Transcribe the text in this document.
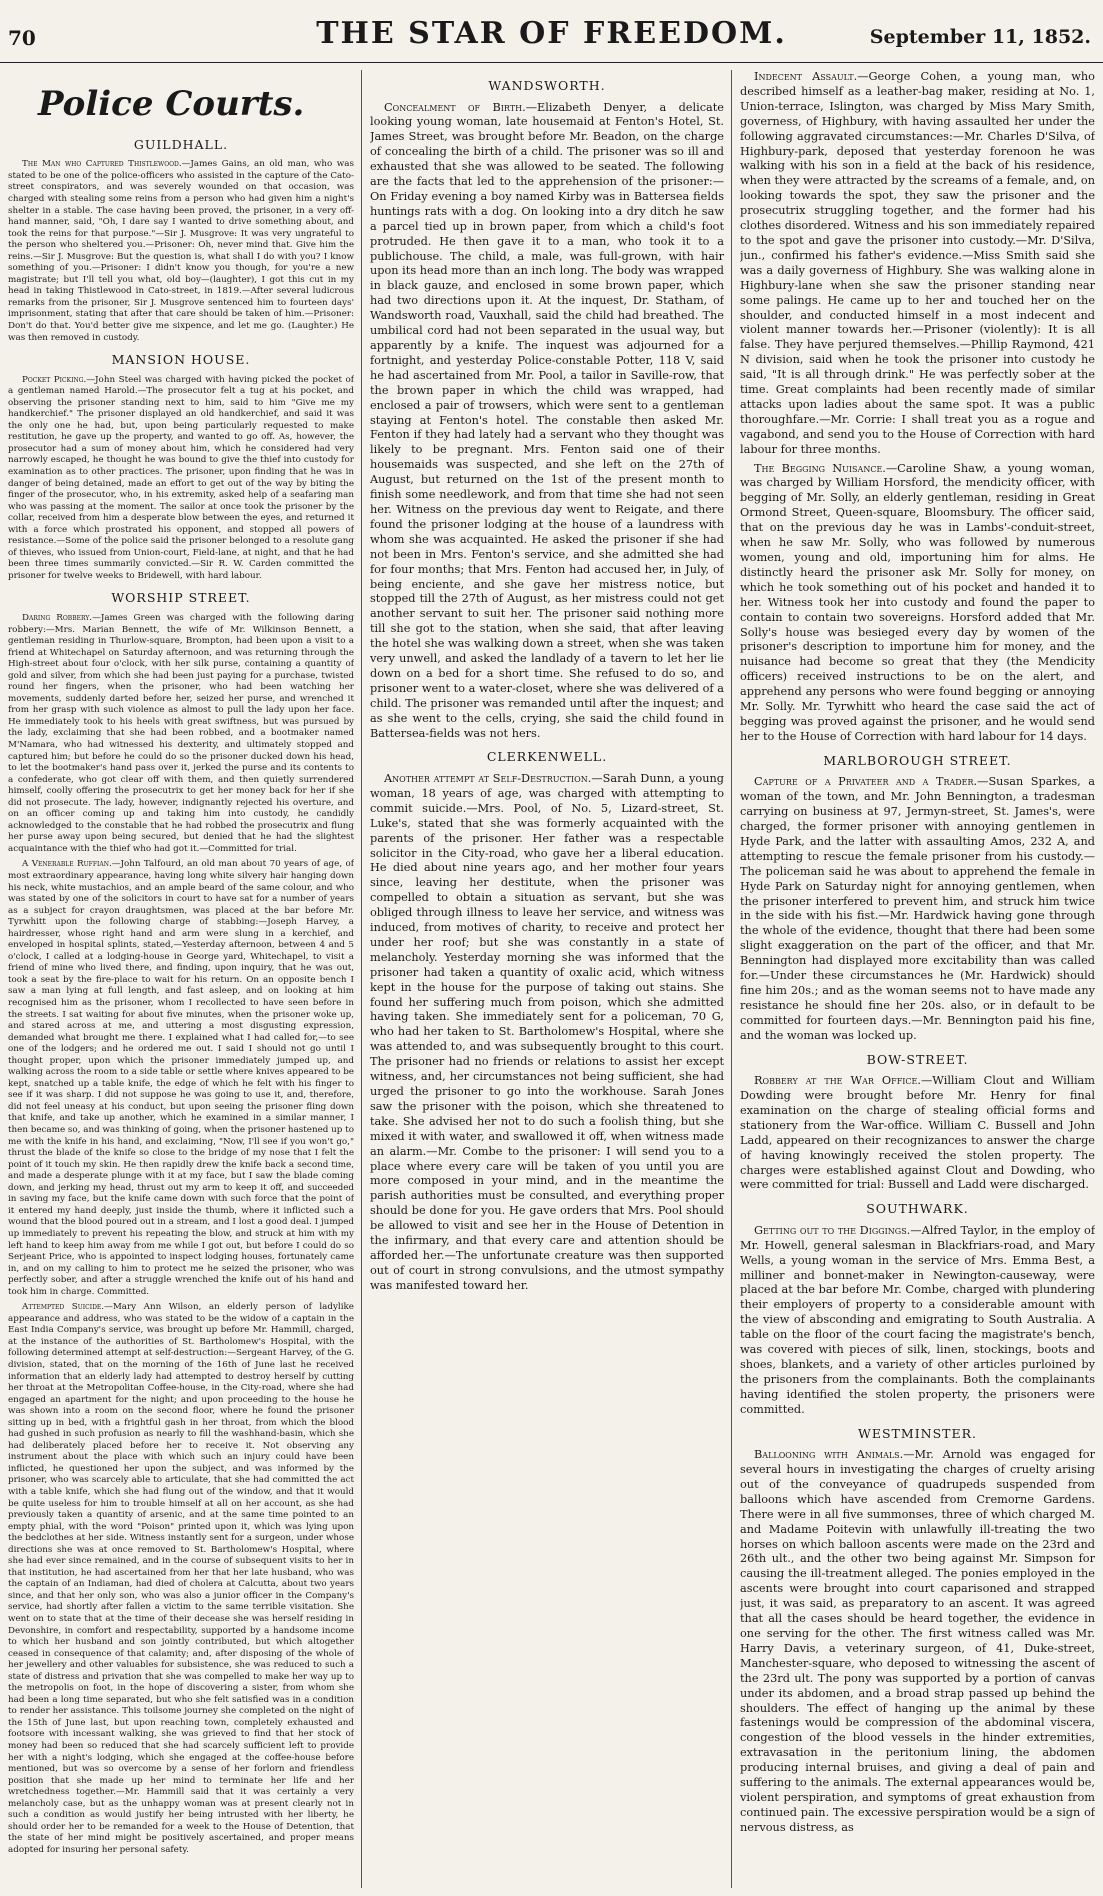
70	THE STAR OF FREEDOM.	September 11, 1852.
Police Courts.
GUILDHALL.

The Man who Captured Thistlewood.—James Gains, an old man, who was stated to be one of the police-officers who assisted in the capture of the Cato-street conspirators, and was severely wounded on that occasion, was charged with stealing some reins from a person who had given him a night's shelter in a stable. The case having been proved, the prisoner, in a very off-hand manner, said, "Oh, I dare say I wanted to drive something about, and took the reins for that purpose."—Sir J. Musgrove: It was very ungrateful to the person who sheltered you.—Prisoner: Oh, never mind that. Give him the reins.—Sir J. Musgrove: But the question is, what shall I do with you? I know something of you.—Prisoner: I didn't know you though, for you're a new magistrate; but I'll tell you what, old boy—(laughter), I got this cut in my head in taking Thistlewood in Cato-street, in 1819.—After several ludicrous remarks from the prisoner, Sir J. Musgrove sentenced him to fourteen days' imprisonment, stating that after that care should be taken of him.—Prisoner: Don't do that. You'd better give me sixpence, and let me go. (Laughter.) He was then removed in custody.

MANSION HOUSE.

Pocket Picking.—John Steel was charged with having picked the pocket of a gentleman named Harold.—The prosecutor felt a tug at his pocket, and observing the prisoner standing next to him, said to him "Give me my handkerchief." The prisoner displayed an old handkerchief, and said it was the only one he had, but, upon being particularly requested to make restitution, he gave up the property, and wanted to go off. As, however, the prosecutor had a sum of money about him, which he considered had very narrowly escaped, he thought he was bound to give the thief into custody for examination as to other practices. The prisoner, upon finding that he was in danger of being detained, made an effort to get out of the way by biting the finger of the prosecutor, who, in his extremity, asked help of a seafaring man who was passing at the moment. The sailor at once took the prisoner by the collar, received from him a desperate blow between the eyes, and returned it with a force which prostrated his opponent, and stopped all powers of resistance.—Some of the police said the prisoner belonged to a resolute gang of thieves, who issued from Union-court, Field-lane, at night, and that he had been three times summarily convicted.—Sir R. W. Carden committed the prisoner for twelve weeks to Bridewell, with hard labour.

WORSHIP STREET.

Daring Robbery.—James Green was charged with the following daring robbery:—Mrs. Marian Bennett, the wife of Mr. Wilkinson Bennett, a gentleman residing in Thurlow-square, Brompton, had been upon a visit to a friend at Whitechapel on Saturday afternoon, and was returning through the High-street about four o'clock, with her silk purse, containing a quantity of gold and silver, from which she had been just paying for a purchase, twisted round her fingers, when the prisoner, who had been watching her movements, suddenly darted before her, seized her purse, and wrenched it from her grasp with such violence as almost to pull the lady upon her face. He immediately took to his heels with great swiftness, but was pursued by the lady, exclaiming that she had been robbed, and a bootmaker named M'Namara, who had witnessed his dexterity, and ultimately stopped and captured him; but before he could do so the prisoner ducked down his head, to let the bootmaker's hand pass over it, jerked the purse and its contents to a confederate, who got clear off with them, and then quietly surrendered himself, coolly offering the prosecutrix to get her money back for her if she did not prosecute. The lady, however, indignantly rejected his overture, and on an officer coming up and taking him into custody, he candidly acknowledged to the constable that he had robbed the prosecutrix and flung her purse away upon being secured, but denied that he had the slightest acquaintance with the thief who had got it.—Committed for trial.

A Venerable Ruffian.—John Talfourd, an old man about 70 years of age, of most extraordinary appearance, having long white silvery hair hanging down his neck, white mustachios, and an ample beard of the same colour, and who was stated by one of the solicitors in court to have sat for a number of years as a subject for crayon draughtsmen, was placed at the bar before Mr. Tyrwhitt upon the following charge of stabbing:—Joseph Harvey, a hairdresser, whose right hand and arm were slung in a kerchief, and enveloped in hospital splints, stated,—Yesterday afternoon, between 4 and 5 o'clock, I called at a lodging-house in George yard, Whitechapel, to visit a friend of mine who lived there, and finding, upon inquiry, that he was out, took a seat by the fire-place to wait for his return. On an opposite bench I saw a man lying at full length, and fast asleep, and on looking at him recognised him as the prisoner, whom I recollected to have seen before in the streets. I sat waiting for about five minutes, when the prisoner woke up, and stared across at me, and uttering a most disgusting expression, demanded what brought me there. I explained what I had called for,—to see one of the lodgers; and he ordered me out. I said I should not go until I thought proper, upon which the prisoner immediately jumped up, and walking across the room to a side table or settle where knives appeared to be kept, snatched up a table knife, the edge of which he felt with his finger to see if it was sharp. I did not suppose he was going to use it, and, therefore, did not feel uneasy at his conduct, but upon seeing the prisoner fling down that knife, and take up another, which he examined in a similar manner, I then became so, and was thinking of going, when the prisoner hastened up to me with the knife in his hand, and exclaiming, "Now, I'll see if you won't go," thrust the blade of the knife so close to the bridge of my nose that I felt the point of it touch my skin. He then rapidly drew the knife back a second time, and made a desperate plunge with it at my face, but I saw the blade coming down, and jerking my head, thrust out my arm to keep it off, and succeeded in saving my face, but the knife came down with such force that the point of it entered my hand deeply, just inside the thumb, where it inflicted such a wound that the blood poured out in a stream, and I lost a good deal. I jumped up immediately to prevent his repeating the blow, and struck at him with my left hand to keep him away from me while I got out, but before I could do so Serjeant Price, who is appointed to inspect lodging houses, fortunately came in, and on my calling to him to protect me he seized the prisoner, who was perfectly sober, and after a struggle wrenched the knife out of his hand and took him in charge. Committed.

Attempted Suicide.—Mary Ann Wilson, an elderly person of ladylike appearance and address, who was stated to be the widow of a captain in the East India Company's service, was brought up before Mr. Hammill, charged, at the instance of the authorities of St. Bartholomew's Hospital, with the following determined attempt at self-destruction:—Sergeant Harvey, of the G. division, stated, that on the morning of the 16th of June last he received information that an elderly lady had attempted to destroy herself by cutting her throat at the Metropolitan Coffee-house, in the City-road, where she had engaged an apartment for the night; and upon proceeding to the house he was shown into a room on the second floor, where he found the prisoner sitting up in bed, with a frightful gash in her throat, from which the blood had gushed in such profusion as nearly to fill the washhand-basin, which she had deliberately placed before her to receive it. Not observing any instrument about the place with which such an injury could have been inflicted, he questioned her upon the subject, and was informed by the prisoner, who was scarcely able to articulate, that she had committed the act with a table knife, which she had flung out of the window, and that it would be quite useless for him to trouble himself at all on her account, as she had previously taken a quantity of arsenic, and at the same time pointed to an empty phial, with the word "Poison" printed upon it, which was lying upon the bedclothes at her side. Witness instantly sent for a surgeon, under whose directions she was at once removed to St. Bartholomew's Hospital, where she had ever since remained, and in the course of subsequent visits to her in that institution, he had ascertained from her that her late husband, who was the captain of an Indiaman, had died of cholera at Calcutta, about two years since, and that her only son, who was also a junior officer in the Company's service, had shortly after fallen a victim to the same terrible visitation. She went on to state that at the time of their decease she was herself residing in Devonshire, in comfort and respectability, supported by a handsome income to which her husband and son jointly contributed, but which altogether ceased in consequence of that calamity; and, after disposing of the whole of her jewellery and other valuables for subsistence, she was reduced to such a state of distress and privation that she was compelled to make her way up to the metropolis on foot, in the hope of discovering a sister, from whom she had been a long time separated, but who she felt satisfied was in a condition to render her assistance. This toilsome journey she completed on the night of the 15th of June last, but upon reaching town, completely exhausted and footsore with incessant walking, she was grieved to find that her stock of money had been so reduced that she had scarcely sufficient left to provide her with a night's lodging, which she engaged at the coffee-house before mentioned, but was so overcome by a sense of her forlorn and friendless position that she made up her mind to terminate her life and her wretchedness together.—Mr. Hammill said that it was certainly a very melancholy case, but as the unhappy woman was at present clearly not in such a condition as would justify her being intrusted with her liberty, he should order her to be remanded for a week to the House of Detention, that the state of her mind might be positively ascertained, and proper means adopted for insuring her personal safety.

WANDSWORTH.

Concealment of Birth.—Elizabeth Denyer, a delicate looking young woman, late housemaid at Fenton's Hotel, St. James Street, was brought before Mr. Beadon, on the charge of concealing the birth of a child. The prisoner was so ill and exhausted that she was allowed to be seated. The following are the facts that led to the apprehension of the prisoner:—On Friday evening a boy named Kirby was in Battersea fields huntings rats with a dog. On looking into a dry ditch he saw a parcel tied up in brown paper, from which a child's foot protruded. He then gave it to a man, who took it to a publichouse. The child, a male, was full-grown, with hair upon its head more than an inch long. The body was wrapped in black gauze, and enclosed in some brown paper, which had two directions upon it. At the inquest, Dr. Statham, of Wandsworth road, Vauxhall, said the child had breathed. The umbilical cord had not been separated in the usual way, but apparently by a knife. The inquest was adjourned for a fortnight, and yesterday Police-constable Potter, 118 V, said he had ascertained from Mr. Pool, a tailor in Saville-row, that the brown paper in which the child was wrapped, had enclosed a pair of trowsers, which were sent to a gentleman staying at Fenton's hotel. The constable then asked Mr. Fenton if they had lately had a servant who they thought was likely to be pregnant. Mrs. Fenton said one of their housemaids was suspected, and she left on the 27th of August, but returned on the 1st of the present month to finish some needlework, and from that time she had not seen her. Witness on the previous day went to Reigate, and there found the prisoner lodging at the house of a laundress with whom she was acquainted. He asked the prisoner if she had not been in Mrs. Fenton's service, and she admitted she had for four months; that Mrs. Fenton had accused her, in July, of being enciente, and she gave her mistress notice, but stopped till the 27th of August, as her mistress could not get another servant to suit her. The prisoner said nothing more till she got to the station, when she said, that after leaving the hotel she was walking down a street, when she was taken very unwell, and asked the landlady of a tavern to let her lie down on a bed for a short time. She refused to do so, and prisoner went to a water-closet, where she was delivered of a child. The prisoner was remanded until after the inquest; and as she went to the cells, crying, she said the child found in Battersea-fields was not hers.

CLERKENWELL.

Another attempt at Self-Destruction.—Sarah Dunn, a young woman, 18 years of age, was charged with attempting to commit suicide.—Mrs. Pool, of No. 5, Lizard-street, St. Luke's, stated that she was formerly acquainted with the parents of the prisoner. Her father was a respectable solicitor in the City-road, who gave her a liberal education. He died about nine years ago, and her mother four years since, leaving her destitute, when the prisoner was compelled to obtain a situation as servant, but she was obliged through illness to leave her service, and witness was induced, from motives of charity, to receive and protect her under her roof; but she was constantly in a state of melancholy. Yesterday morning she was informed that the prisoner had taken a quantity of oxalic acid, which witness kept in the house for the purpose of taking out stains. She found her suffering much from poison, which she admitted having taken. She immediately sent for a policeman, 70 G, who had her taken to St. Bartholomew's Hospital, where she was attended to, and was subsequently brought to this court. The prisoner had no friends or relations to assist her except witness, and, her circumstances not being sufficient, she had urged the prisoner to go into the workhouse. Sarah Jones saw the prisoner with the poison, which she threatened to take. She advised her not to do such a foolish thing, but she mixed it with water, and swallowed it off, when witness made an alarm.—Mr. Combe to the prisoner: I will send you to a place where every care will be taken of you until you are more composed in your mind, and in the meantime the parish authorities must be consulted, and everything proper should be done for you. He gave orders that Mrs. Pool should be allowed to visit and see her in the House of Detention in the infirmary, and that every care and attention should be afforded her.—The unfortunate creature was then supported out of court in strong convulsions, and the utmost sympathy was manifested toward her.

Indecent Assault.—George Cohen, a young man, who described himself as a leather-bag maker, residing at No. 1, Union-terrace, Islington, was charged by Miss Mary Smith, governess, of Highbury, with having assaulted her under the following aggravated circumstances:—Mr. Charles D'Silva, of Highbury-park, deposed that yesterday forenoon he was walking with his son in a field at the back of his residence, when they were attracted by the screams of a female, and, on looking towards the spot, they saw the prisoner and the prosecutrix struggling together, and the former had his clothes disordered. Witness and his son immediately repaired to the spot and gave the prisoner into custody.—Mr. D'Silva, jun., confirmed his father's evidence.—Miss Smith said she was a daily governess of Highbury. She was walking alone in Highbury-lane when she saw the prisoner standing near some palings. He came up to her and touched her on the shoulder, and conducted himself in a most indecent and violent manner towards her.—Prisoner (violently): It is all false. They have perjured themselves.—Phillip Raymond, 421 N division, said when he took the prisoner into custody he said, "It is all through drink." He was perfectly sober at the time. Great complaints had been recently made of similar attacks upon ladies about the same spot. It was a public thoroughfare.—Mr. Corrie: I shall treat you as a rogue and vagabond, and send you to the House of Correction with hard labour for three months.

The Begging Nuisance.—Caroline Shaw, a young woman, was charged by William Horsford, the mendicity officer, with begging of Mr. Solly, an elderly gentleman, residing in Great Ormond Street, Queen-square, Bloomsbury. The officer said, that on the previous day he was in Lambs'-conduit-street, when he saw Mr. Solly, who was followed by numerous women, young and old, importuning him for alms. He distinctly heard the prisoner ask Mr. Solly for money, on which he took something out of his pocket and handed it to her. Witness took her into custody and found the paper to contain to contain two sovereigns. Horsford added that Mr. Solly's house was besieged every day by women of the prisoner's description to importune him for money, and the nuisance had become so great that they (the Mendicity officers) received instructions to be on the alert, and apprehend any persons who were found begging or annoying Mr. Solly. Mr. Tyrwhitt who heard the case said the act of begging was proved against the prisoner, and he would send her to the House of Correction with hard labour for 14 days.

MARLBOROUGH STREET.

Capture of a Privateer and a Trader.—Susan Sparkes, a woman of the town, and Mr. John Bennington, a tradesman carrying on business at 97, Jermyn-street, St. James's, were charged, the former prisoner with annoying gentlemen in Hyde Park, and the latter with assaulting Amos, 232 A, and attempting to rescue the female prisoner from his custody.—The policeman said he was about to apprehend the female in Hyde Park on Saturday night for annoying gentlemen, when the prisoner interfered to prevent him, and struck him twice in the side with his fist.—Mr. Hardwick having gone through the whole of the evidence, thought that there had been some slight exaggeration on the part of the officer, and that Mr. Bennington had displayed more excitability than was called for.—Under these circumstances he (Mr. Hardwick) should fine him 20s.; and as the woman seems not to have made any resistance he should fine her 20s. also, or in default to be committed for fourteen days.—Mr. Bennington paid his fine, and the woman was locked up.

BOW-STREET.

Robbery at the War Office.—William Clout and William Dowding were brought before Mr. Henry for final examination on the charge of stealing official forms and stationery from the War-office. William C. Bussell and John Ladd, appeared on their recognizances to answer the charge of having knowingly received the stolen property. The charges were established against Clout and Dowding, who were committed for trial: Bussell and Ladd were discharged.

SOUTHWARK.

Getting out to the Diggings.—Alfred Taylor, in the employ of Mr. Howell, general salesman in Blackfriars-road, and Mary Wells, a young woman in the service of Mrs. Emma Best, a milliner and bonnet-maker in Newington-causeway, were placed at the bar before Mr. Combe, charged with plundering their employers of property to a considerable amount with the view of absconding and emigrating to South Australia. A table on the floor of the court facing the magistrate's bench, was covered with pieces of silk, linen, stockings, boots and shoes, blankets, and a variety of other articles purloined by the prisoners from the complainants. Both the complainants having identified the stolen property, the prisoners were committed.

WESTMINSTER.

Ballooning with Animals.—Mr. Arnold was engaged for several hours in investigating the charges of cruelty arising out of the conveyance of quadrupeds suspended from balloons which have ascended from Cremorne Gardens. There were in all five summonses, three of which charged M. and Madame Poitevin with unlawfully ill-treating the two horses on which balloon ascents were made on the 23rd and 26th ult., and the other two being against Mr. Simpson for causing the ill-treatment alleged. The ponies employed in the ascents were brought into court caparisoned and strapped just, it was said, as preparatory to an ascent. It was agreed that all the cases should be heard together, the evidence in one serving for the other. The first witness called was Mr. Harry Davis, a veterinary surgeon, of 41, Duke-street, Manchester-square, who deposed to witnessing the ascent of the 23rd ult. The pony was supported by a portion of canvas under its abdomen, and a broad strap passed up behind the shoulders. The effect of hanging up the animal by these fastenings would be compression of the abdominal viscera, congestion of the blood vessels in the hinder extremities, extravasation in the peritonium lining, the abdomen producing internal bruises, and giving a deal of pain and suffering to the animals. The external appearances would be, violent perspiration, and symptoms of great exhaustion from continued pain. The excessive perspiration would be a sign of nervous distress, as
